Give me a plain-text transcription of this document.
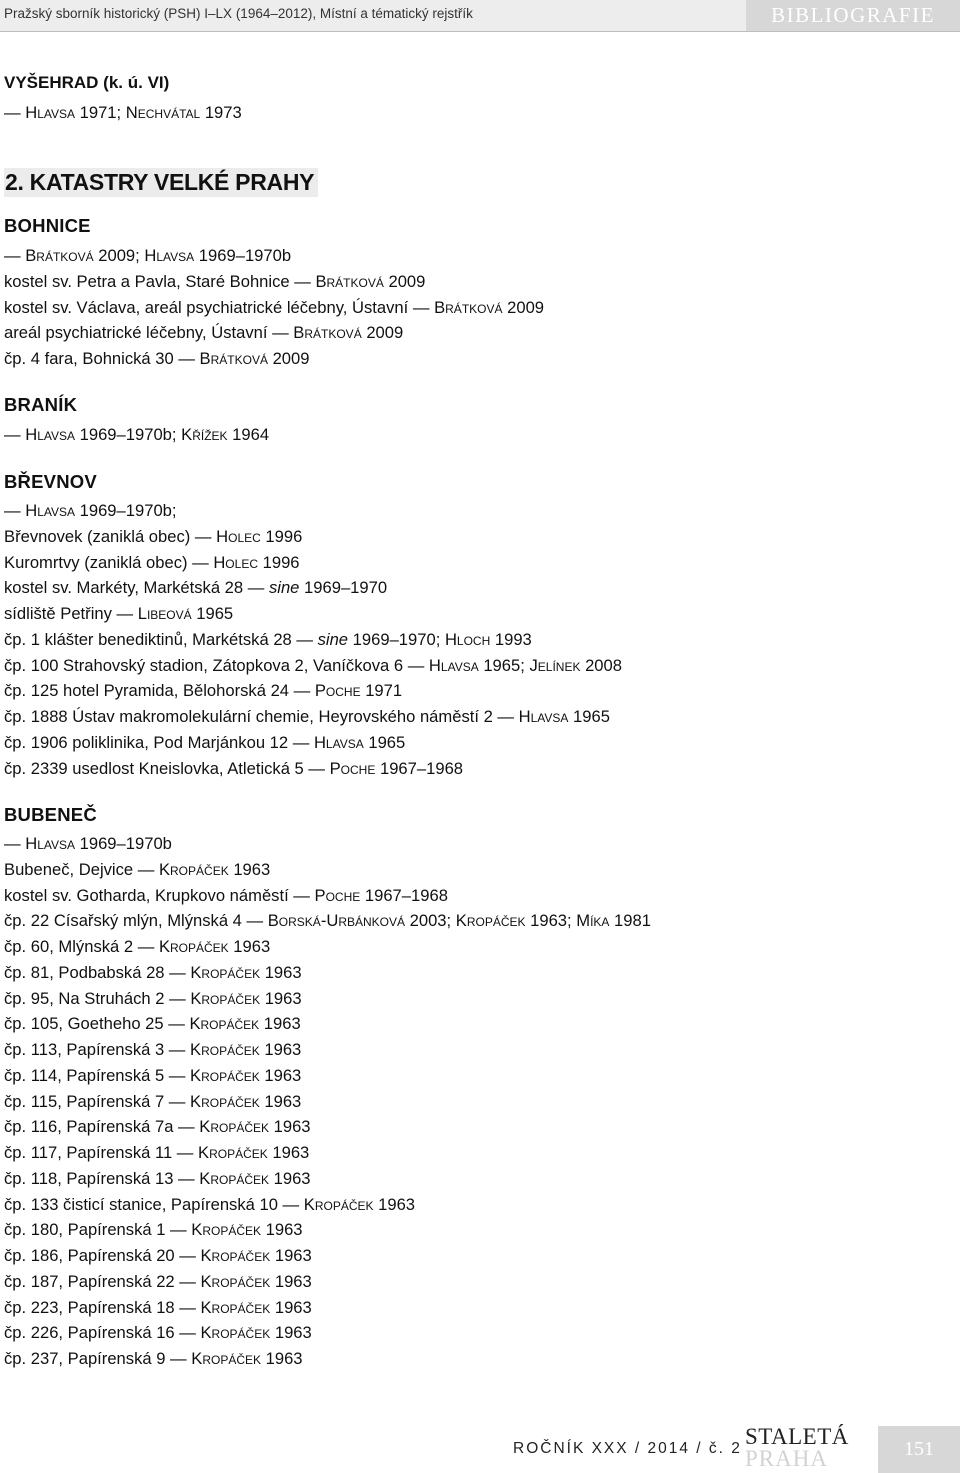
Pražský sborník historický (PSH) I–LX (1964–2012), Místní a tématický rejstřík	BIBLIOGRAFIE
VYŠEHRAD (k. ú. VI)
— Hlavsa 1971; Nechvátal 1973
2. KATASTRY VELKÉ PRAHY
BOHNICE
BRANÍK
BŘEVNOV
BUBENEČ
— Brátková 2009; Hlavsa 1969–1970b
kostel sv. Petra a Pavla, Staré Bohnice — Brátková 2009
kostel sv. Václava, areál psychiatrické léčebny, Ústavní — Brátková 2009
areál psychiatrické léčebny, Ústavní — Brátková 2009
čp. 4 fara, Bohnická 30 — Brátková 2009
— Hlavsa 1969–1970b; Křížek 1964
— Hlavsa 1969–1970b;
Břevnovek (zaniklá obec) — Holec 1996
Kuromrtvy (zaniklá obec) — Holec 1996
kostel sv. Markéty, Markétská 28 — sine 1969–1970
sídliště Petřiny — Libeová 1965
čp. 1 klášter benediktinů, Markétská 28 — sine 1969–1970; Hloch 1993
čp. 100 Strahovský stadion, Zátopkova 2, Vaníčkova 6 — Hlavsa 1965; Jelínek 2008
čp. 125 hotel Pyramida, Bělohorská 24 — Poche 1971
čp. 1888 Ústav makromolekulární chemie, Heyrovského náměstí 2 — Hlavsa 1965
čp. 1906 poliklinika, Pod Marjánkou 12 — Hlavsa 1965
čp. 2339 usedlost Kneislovka, Atletická 5 — Poche 1967–1968
— Hlavsa 1969–1970b
Bubeneč, Dejvice — Kropáček 1963
kostel sv. Gotharda, Krupkovo náměstí — Poche 1967–1968
čp. 22 Císařský mlýn, Mlýnská 4 — Borská-Urbánková 2003; Kropáček 1963; Míka 1981
čp. 60, Mlýnská 2 — Kropáček 1963
čp. 81, Podbabská 28 — Kropáček 1963
čp. 95, Na Struhách 2 — Kropáček 1963
čp. 105, Goetheho 25 — Kropáček 1963
čp. 113, Papírenská 3 — Kropáček 1963
čp. 114, Papírenská 5 — Kropáček 1963
čp. 115, Papírenská 7 — Kropáček 1963
čp. 116, Papírenská 7a — Kropáček 1963
čp. 117, Papírenská 11 — Kropáček 1963
čp. 118, Papírenská 13 — Kropáček 1963
čp. 133 čisticí stanice, Papírenská 10 — Kropáček 1963
čp. 180, Papírenská 1 — Kropáček 1963
čp. 186, Papírenská 20 — Kropáček 1963
čp. 187, Papírenská 22 — Kropáček 1963
čp. 223, Papírenská 18 — Kropáček 1963
čp. 226, Papírenská 16 — Kropáček 1963
čp. 237, Papírenská 9 — Kropáček 1963
ROČNÍK XXX / 2014 / č. 2 STALETÁ
PRAHA	151
